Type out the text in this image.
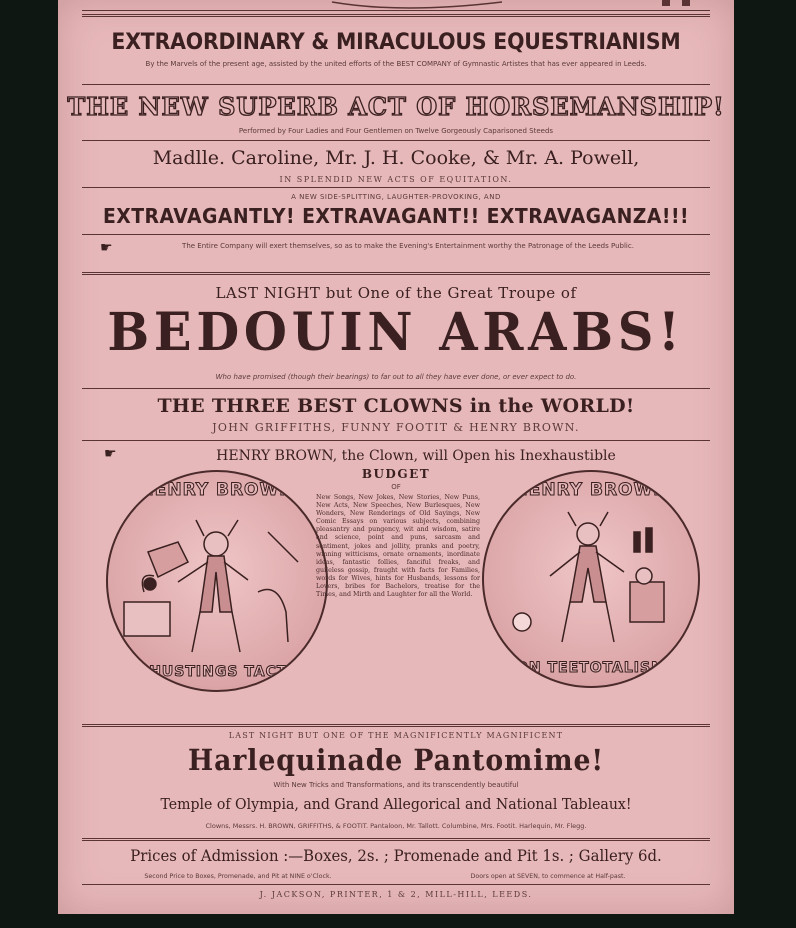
EXTRAORDINARY & MIRACULOUS EQUESTRIANISM
By the Marvels of the present age, assisted by the united efforts of the BEST COMPANY of Gymnastic Artistes that has ever appeared in Leeds.
THE NEW SUPERB ACT OF HORSEMANSHIP!
Performed by Four Ladies and Four Gentlemen on Twelve Gorgeously Caparisoned Steeds
Madlle. Caroline, Mr. J. H. Cooke, & Mr. A. Powell,
IN SPLENDID NEW ACTS OF EQUITATION.
A NEW SIDE-SPLITTING, LAUGHTER-PROVOKING, AND
EXTRAVAGANTLY! EXTRAVAGANT!! EXTRAVAGANZA!!!
☛	The Entire Company will exert themselves, so as to make the Evening's Entertainment worthy the Patronage of the Leeds Public.
LAST NIGHT but One of the Great Troupe of
BEDOUIN ARABS!
Who have promised (though their bearings) to far out to all they have ever done, or ever expect to do.
THE THREE BEST CLOWNS in the WORLD!
JOHN GRIFFITHS, FUNNY FOOTIT & HENRY BROWN.
☛	HENRY BROWN, the Clown, will Open his Inexhaustible
BUDGET
OF
HENRY BROWN
ON HUSTINGS TACTICS
New Songs, New Jokes, New Stories, New Puns, New Acts, New Speeches, New Burlesques, New Wonders, New Renderings of Old Sayings, New Comic Essays on various subjects, combining pleasantry and pungency, wit and wisdom, satire and science, point and puns, sarcasm and sentiment, jokes and jollity, pranks and poetry, winning witticisms, ornate ornaments, inordinate ideas, fantastic follies, fanciful freaks, and guileless gossip, fraught with facts for Families, words for Wives, hints for Husbands, lessons for Lovers, bribes for Bachelors, treatise for the Times, and Mirth and Laughter for all the World.
HENRY BROWN
ON TEETOTALISM
LAST NIGHT BUT ONE OF THE MAGNIFICENTLY MAGNIFICENT
Harlequinade Pantomime!
With New Tricks and Transformations, and its transcendently beautiful
Temple of Olympia, and Grand Allegorical and National Tableaux!
Clowns, Messrs. H. BROWN, GRIFFITHS, & FOOTIT. Pantaloon, Mr. Tallott. Columbine, Mrs. Footit. Harlequin, Mr. Flegg.
Prices of Admission :—Boxes, 2s. ; Promenade and Pit 1s. ; Gallery 6d.
Second Price to Boxes, Promenade, and Pit at NINE o'Clock.	Doors open at SEVEN, to commence at Half-past.
J. JACKSON, PRINTER, 1 & 2, MILL-HILL, LEEDS.
